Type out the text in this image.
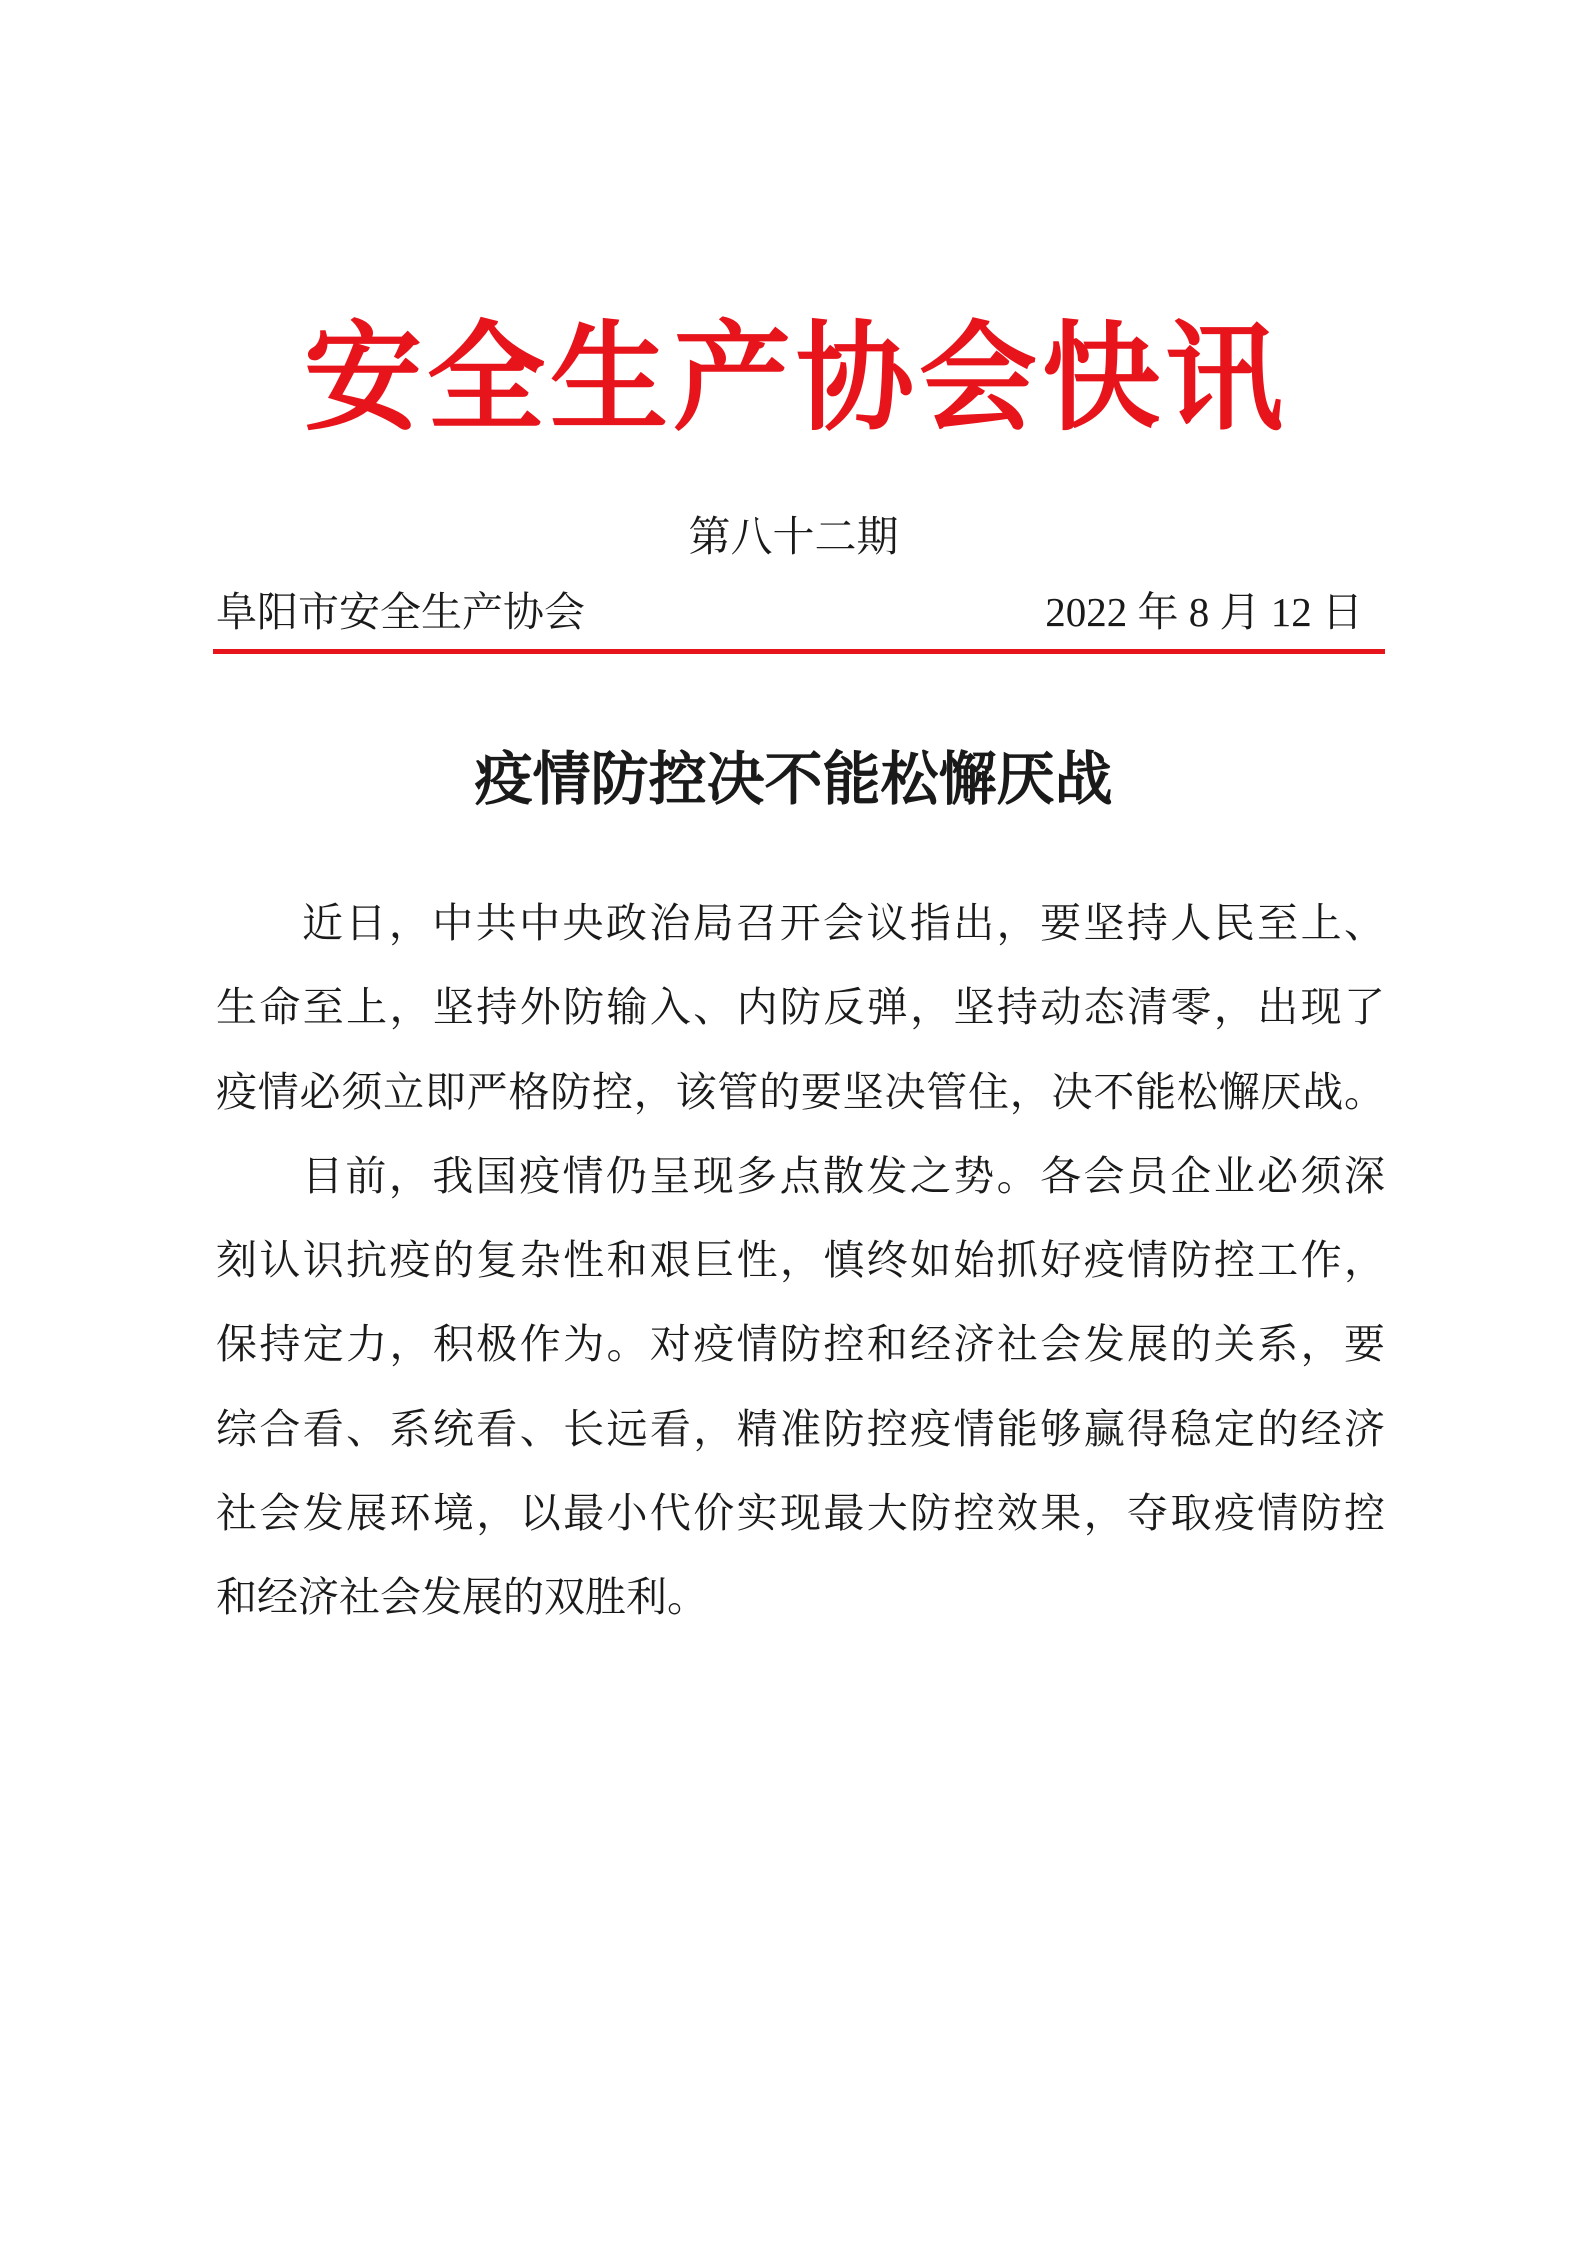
安全生产协会快讯
第八十二期
阜阳市安全生产协会	2022 年 8 月 12 日
疫情防控决不能松懈厌战
近日，中共中央政治局召开会议指出，要坚持人民至上、
生命至上，坚持外防输入、内防反弹，坚持动态清零，出现了
疫情必须立即严格防控，该管的要坚决管住，决不能松懈厌战。
目前，我国疫情仍呈现多点散发之势。各会员企业必须深
刻认识抗疫的复杂性和艰巨性，慎终如始抓好疫情防控工作，
保持定力，积极作为。对疫情防控和经济社会发展的关系，要
综合看、系统看、长远看，精准防控疫情能够赢得稳定的经济
社会发展环境，以最小代价实现最大防控效果，夺取疫情防控
和经济社会发展的双胜利。
